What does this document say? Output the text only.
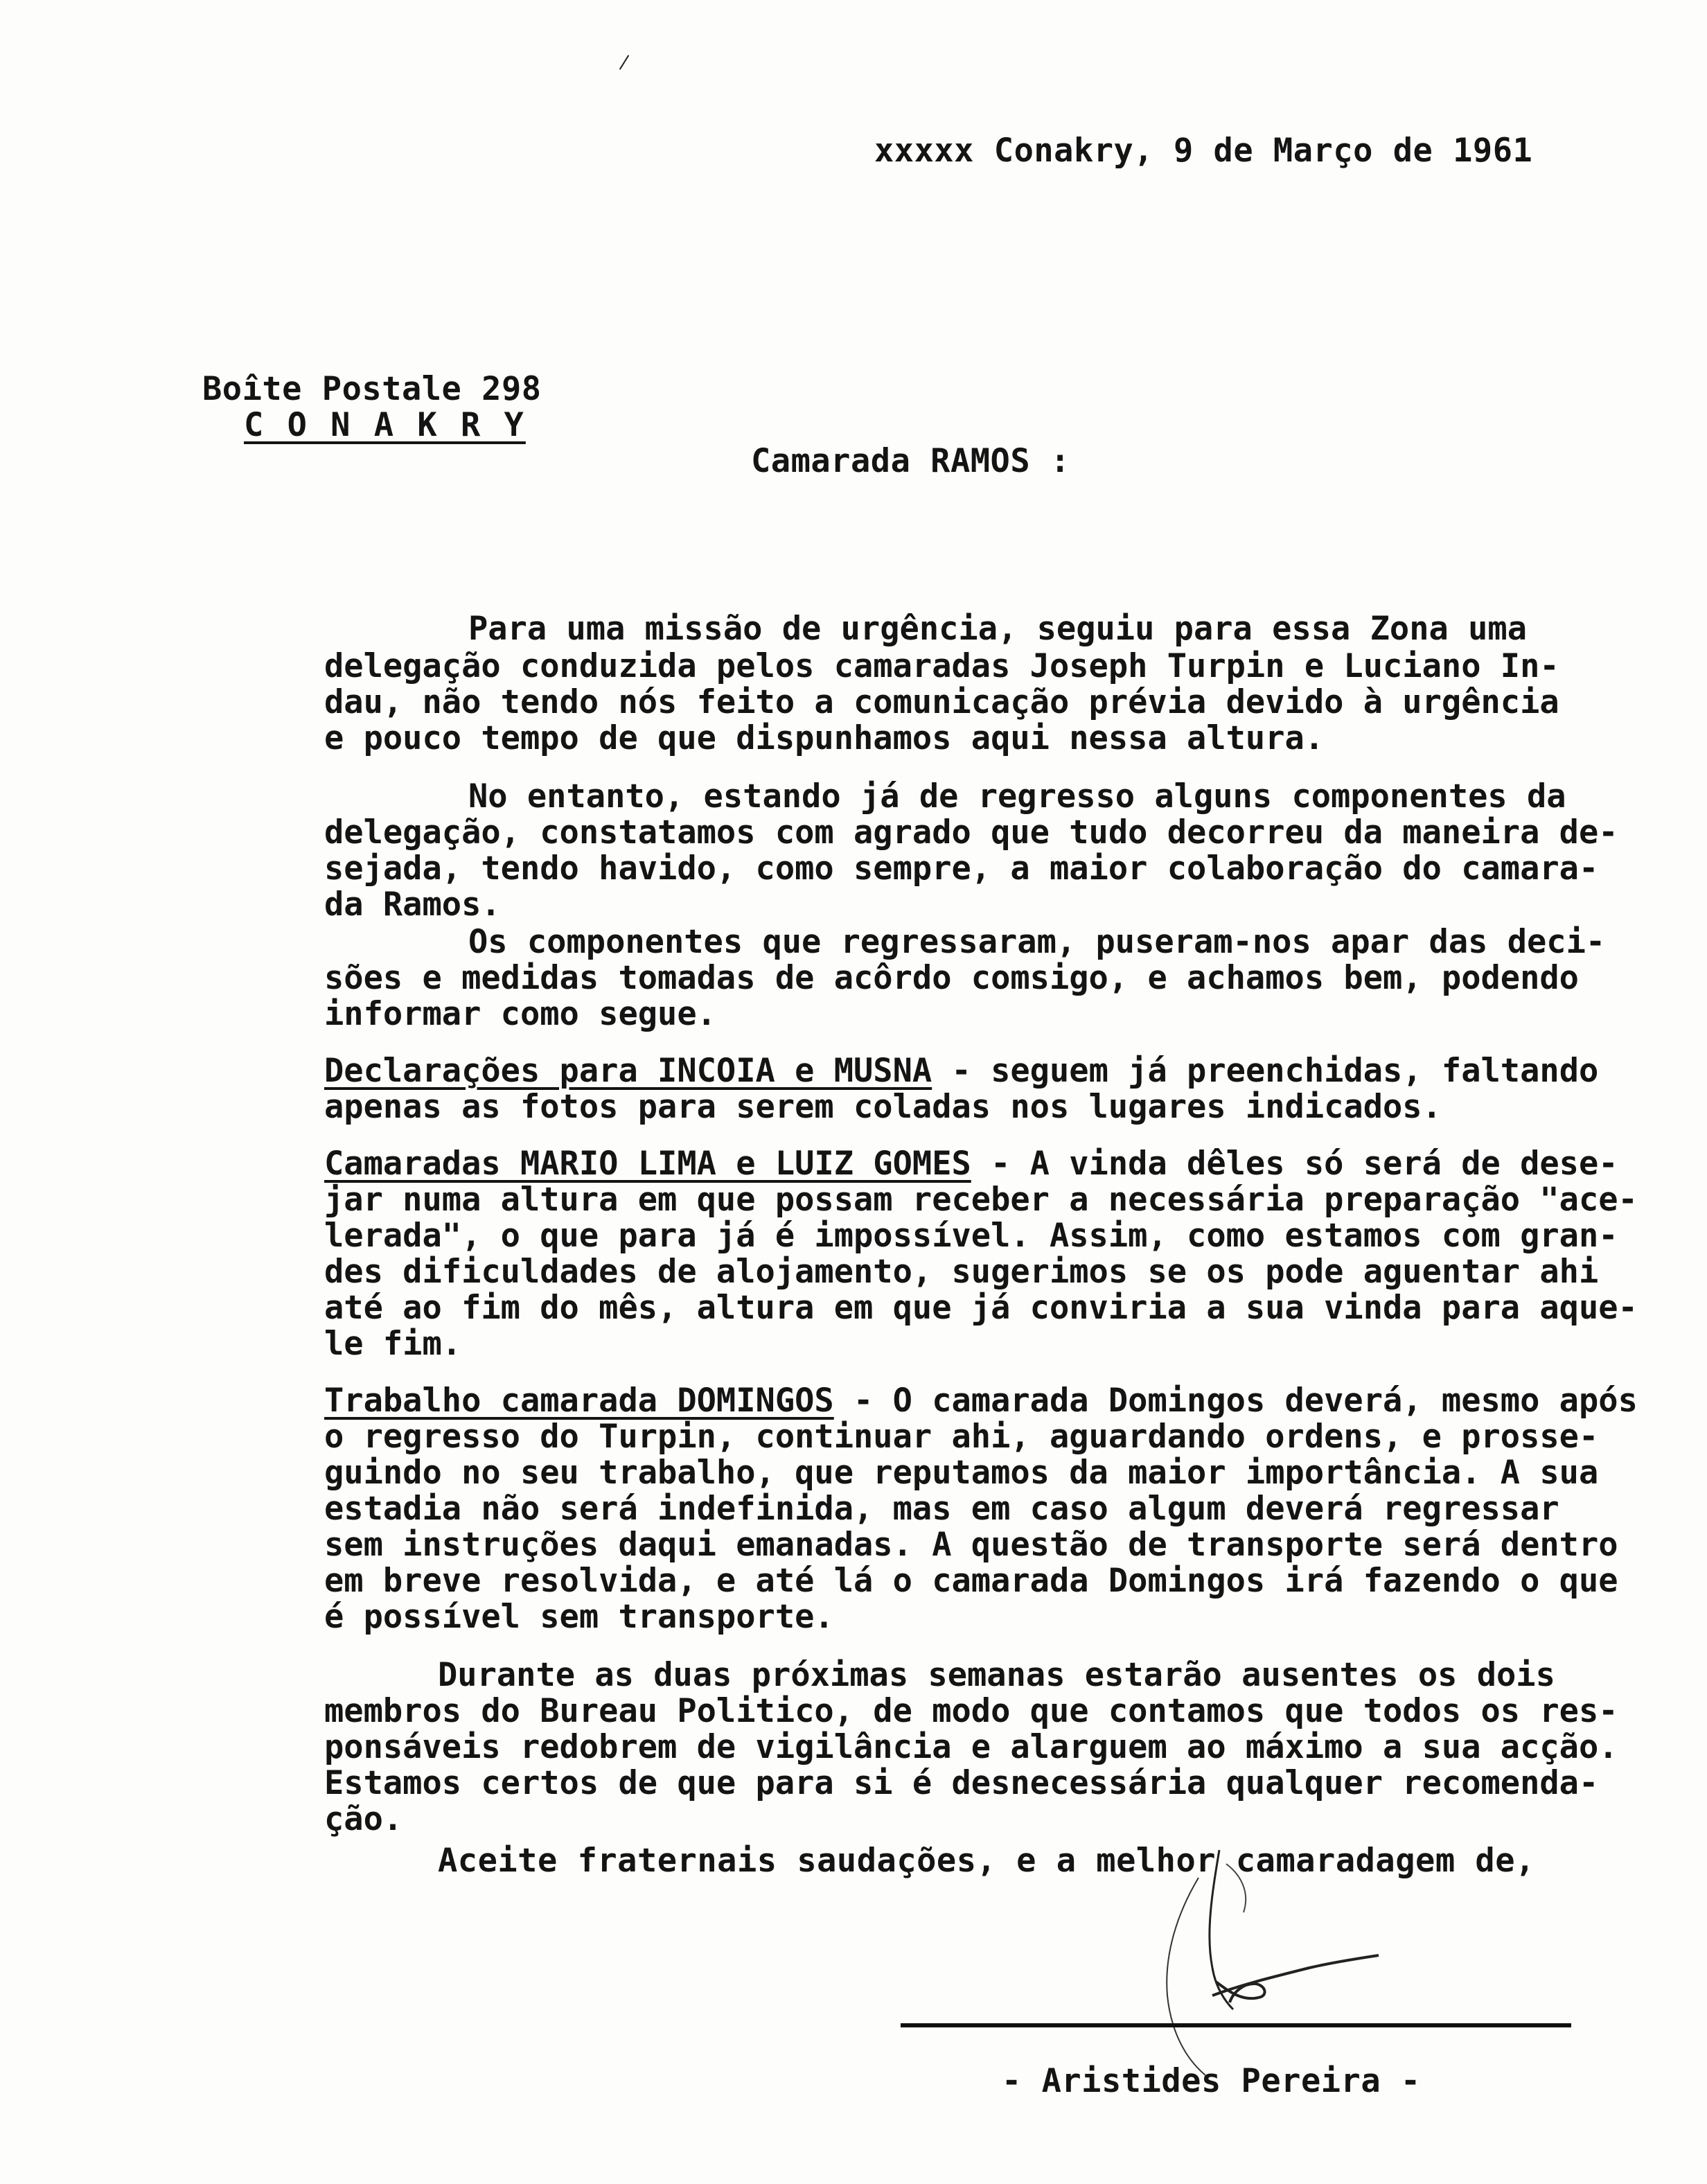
xxxxx Conakry, 9 de Março de 1961
Boîte Postale 298
C O N A K R Y
Camarada RAMOS :
Para uma missão de urgência, seguiu para essa Zona uma
delegação conduzida pelos camaradas Joseph Turpin e Luciano In-
dau, não tendo nós feito a comunicação prévia devido à urgência
e pouco tempo de que dispunhamos aqui nessa altura.
No entanto, estando já de regresso alguns componentes da
delegação, constatamos com agrado que tudo decorreu da maneira de-
sejada, tendo havido, como sempre, a maior colaboração do camara-
da Ramos.
Os componentes que regressaram, puseram-nos apar das deci-
sões e medidas tomadas de acôrdo comsigo, e achamos bem, podendo
informar como segue.
Declarações para INCOIA e MUSNA - seguem já preenchidas, faltando
apenas as fotos para serem coladas nos lugares indicados.
Camaradas MARIO LIMA e LUIZ GOMES - A vinda dêles só será de dese-
jar numa altura em que possam receber a necessária preparação "ace-
lerada", o que para já é impossível. Assim, como estamos com gran-
des dificuldades de alojamento, sugerimos se os pode aguentar ahi
até ao fim do mês, altura em que já conviria a sua vinda para aque-
le fim.
Trabalho camarada DOMINGOS - O camarada Domingos deverá, mesmo após
o regresso do Turpin, continuar ahi, aguardando ordens, e prosse-
guindo no seu trabalho, que reputamos da maior importância. A sua
estadia não será indefinida, mas em caso algum deverá regressar
sem instruções daqui emanadas. A questão de transporte será dentro
em breve resolvida, e até lá o camarada Domingos irá fazendo o que
é possível sem transporte.
Durante as duas próximas semanas estarão ausentes os dois
membros do Bureau Politico, de modo que contamos que todos os res-
ponsáveis redobrem de vigilância e alarguem ao máximo a sua acção.
Estamos certos de que para si é desnecessária qualquer recomenda-
ção.
Aceite fraternais saudações, e a melhor camaradagem de,
- Aristides Pereira -
